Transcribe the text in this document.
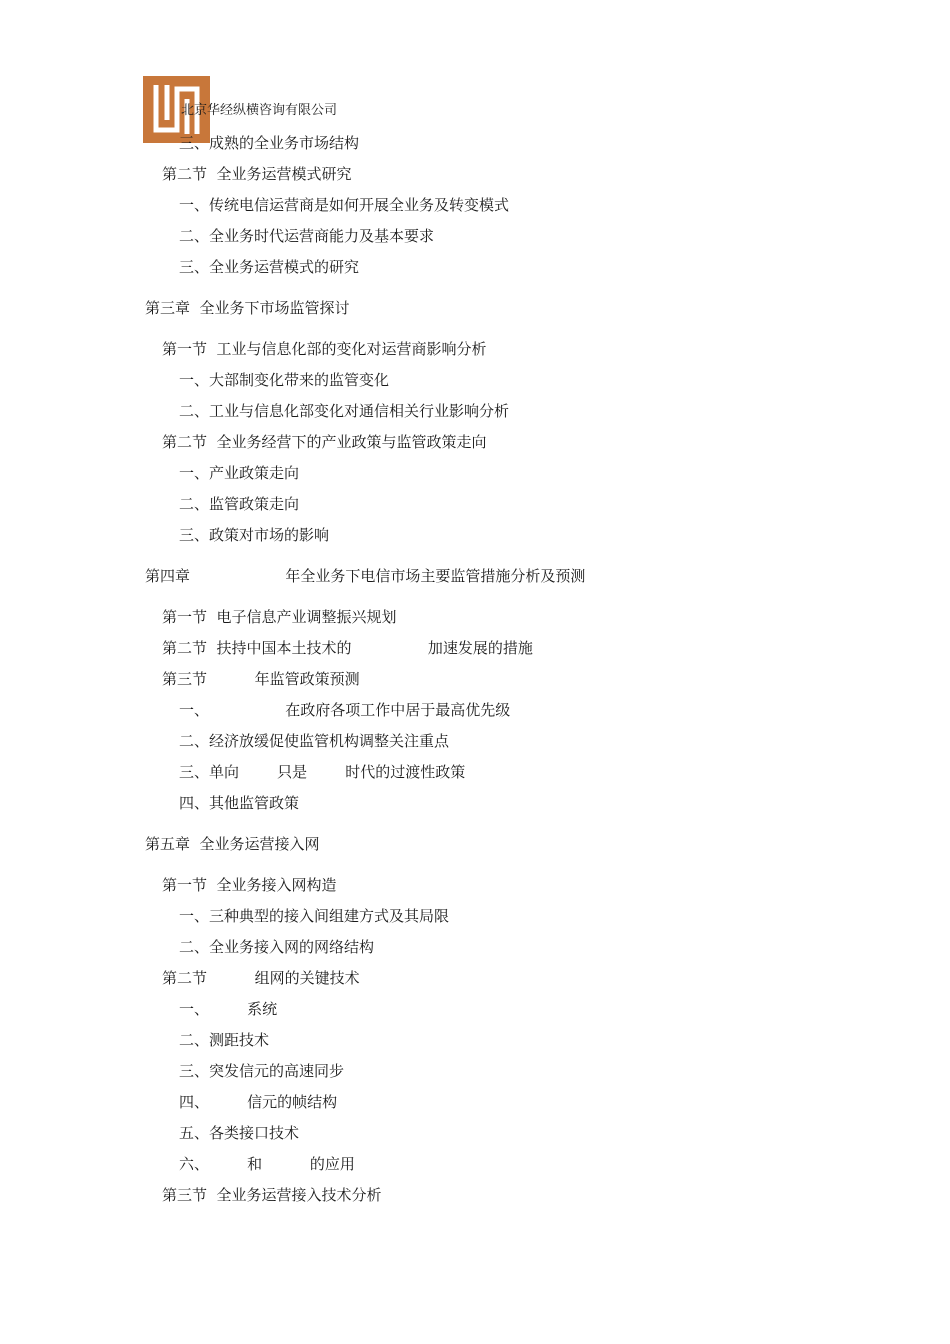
北京华经纵横咨询有限公司
三、成熟的全业务市场结构
第二节  全业务运营模式研究
一、传统电信运营商是如何开展全业务及转变模式
二、全业务时代运营商能力及基本要求
三、全业务运营模式的研究
第三章  全业务下市场监管探讨
第一节  工业与信息化部的变化对运营商影响分析
一、大部制变化带来的监管变化
二、工业与信息化部变化对通信相关行业影响分析
第二节  全业务经营下的产业政策与监管政策走向
一、产业政策走向
二、监管政策走向
三、政策对市场的影响
第四章                    年全业务下电信市场主要监管措施分析及预测
第一节  电子信息产业调整振兴规划
第二节  扶持中国本土技术的                加速发展的措施
第三节          年监管政策预测
一、                在政府各项工作中居于最高优先级
二、经济放缓促使监管机构调整关注重点
三、单向        只是        时代的过渡性政策
四、其他监管政策
第五章  全业务运营接入网
第一节  全业务接入网构造
一、三种典型的接入间组建方式及其局限
二、全业务接入网的网络结构
第二节          组网的关键技术
一、        系统
二、测距技术
三、突发信元的高速同步
四、        信元的帧结构
五、各类接口技术
六、        和          的应用
第三节  全业务运营接入技术分析
